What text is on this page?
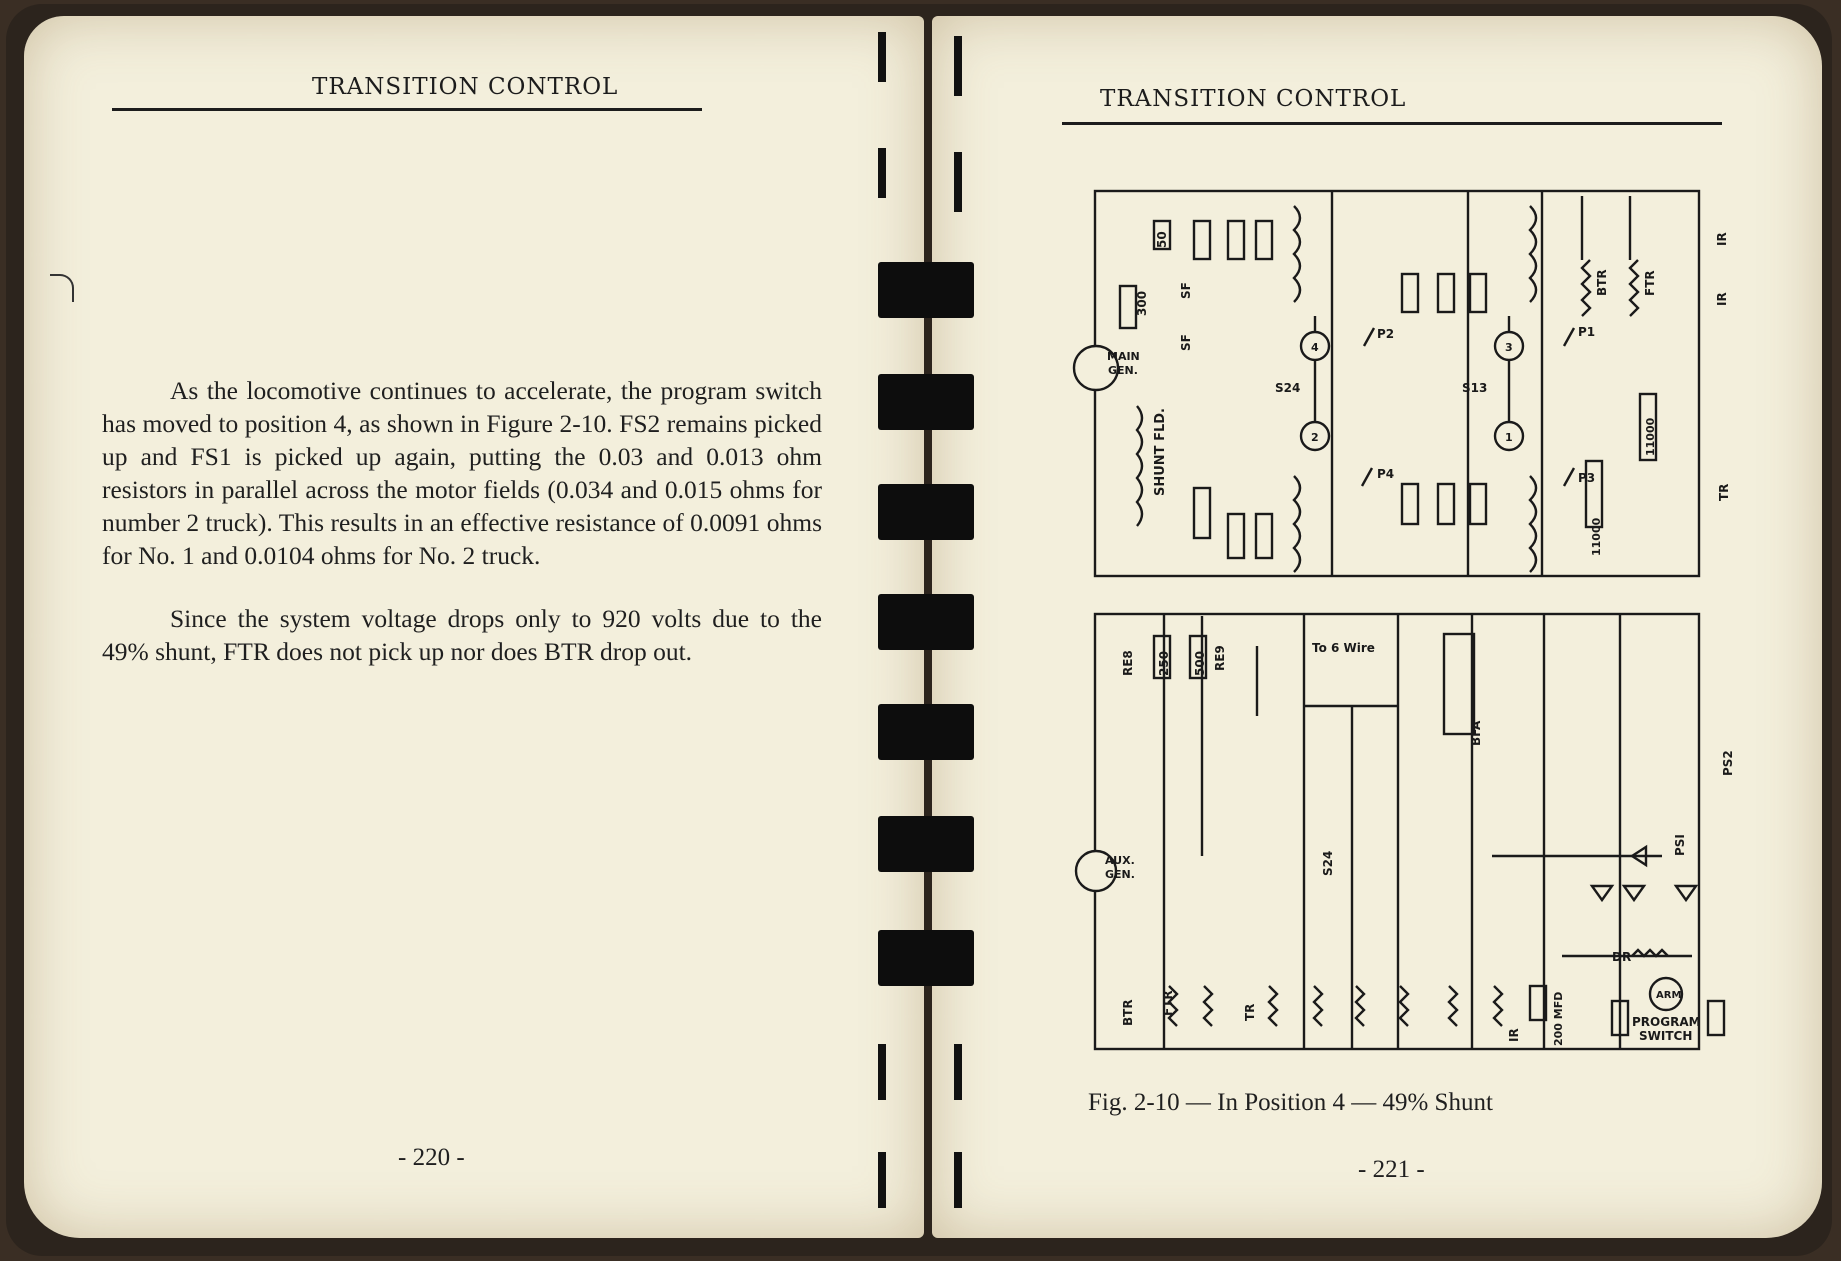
TRANSITION CONTROL

As the locomotive continues to accelerate, the program switch has moved to position 4, as shown in Figure 2-10. FS2 remains picked up and FS1 is picked up again, putting the 0.03 and 0.013 ohm resistors in parallel across the motor fields (0.034 and 0.015 ohms for number 2 truck). This results in an effective resistance of 0.0091 ohms for No. 1 and 0.0104 ohms for No. 2 truck.

Since the system voltage drops only to 920 volts due to the 49% shunt, FTR does not pick up nor does BTR drop out.

- 220 -
TRANSITION CONTROL
MAIN
GEN.
SHUNT FLD.
4
2
3
1
P2
S24
P4
P1
S13
P3
300
50
SF
SF
BTR	FTR
IR
IR
11000
11000
TR
AUX.
GEN.
To 6 Wire
RE8 250 500 RE9
BTR FTR	TR
S24
DR
ARM
PROGRAM
SWITCH
200 MFD
IR
BFA
PSI
PS2
Fig. 2-10 — In Position 4 — 49% Shunt
- 221 -
